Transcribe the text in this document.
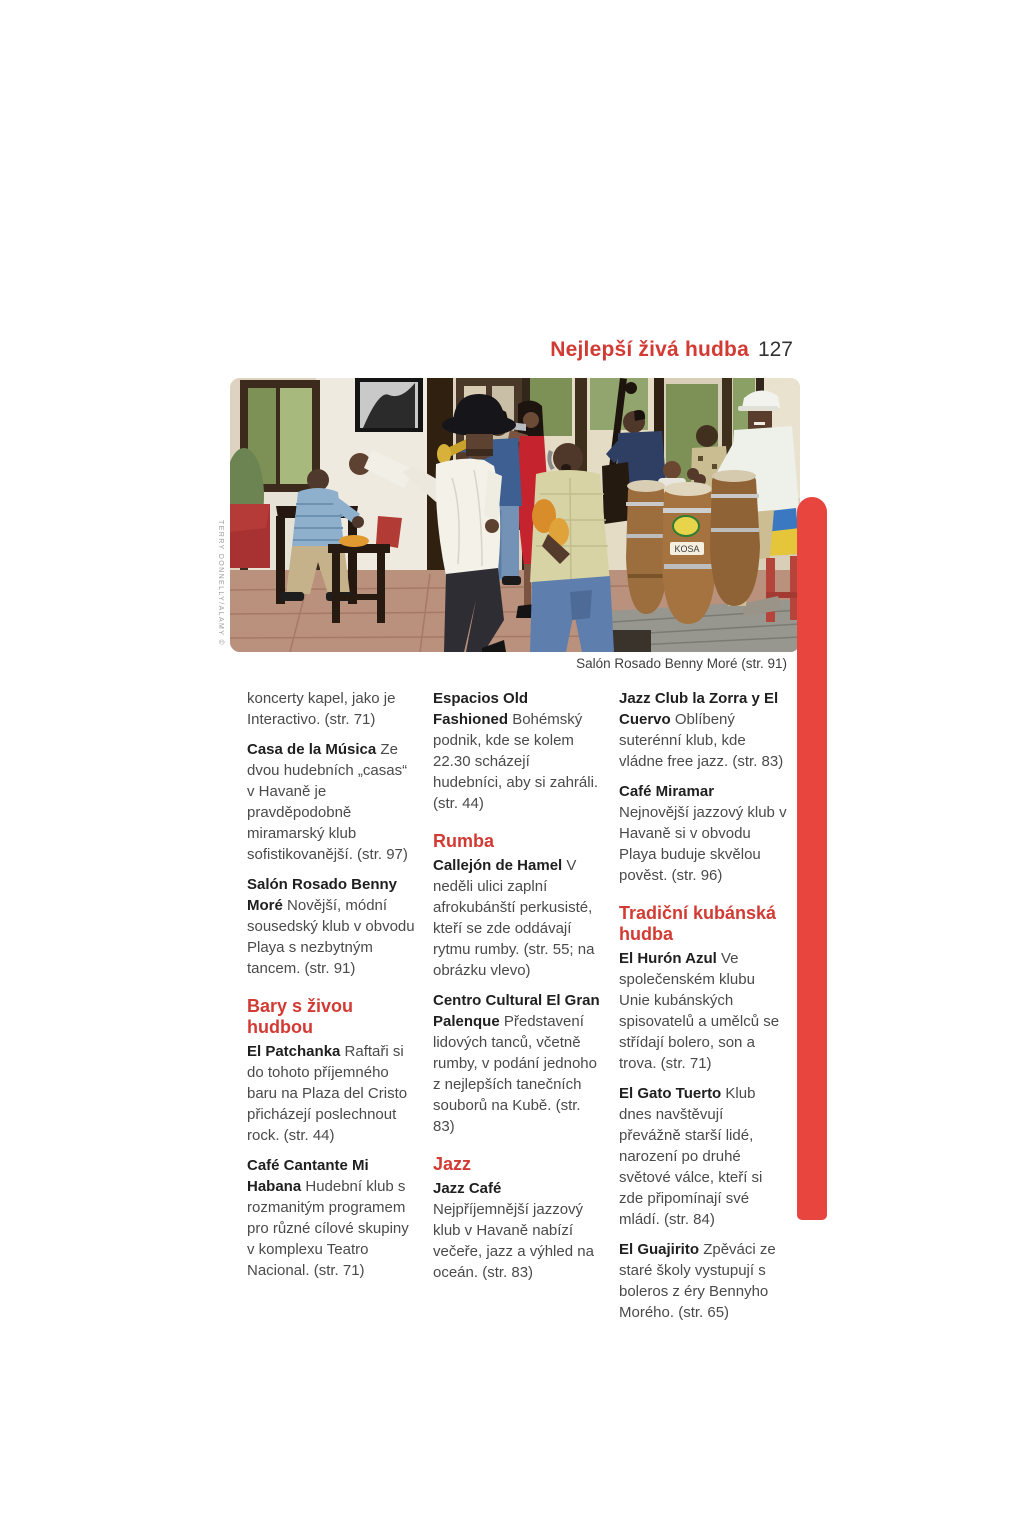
Nejlepší živá hudba 127
TERRY DONNELLY/ALAMY ©	KOSA
Salón Rosado Benny Moré (str. 91)

koncerty kapel, jako je Interactivo. (str. 71)

Casa de la Música Ze dvou hudebních „casas“ v Havaně je pravděpodobně miramarský klub sofistikovanější. (str. 97)

Salón Rosado Benny Moré Novější, módní sousedský klub v obvodu Playa s nezbytným tancem. (str. 91)

Bary s živou hudbou

El Patchanka Raftaři si do tohoto příjemného baru na Plaza del Cristo přicházejí poslechnout rock. (str. 44)

Café Cantante Mi Habana Hudební klub s rozmanitým programem pro různé cílové skupiny v komplexu Teatro Nacional. (str. 71)

Espacios Old Fashioned Bohémský podnik, kde se kolem 22.30 scházejí hudebníci, aby si zahráli. (str. 44)

Rumba

Callejón de Hamel V neděli ulici zaplní afrokubánští perkusisté, kteří se zde oddávají rytmu rumby. (str. 55; na obrázku vlevo)

Centro Cultural El Gran Palenque Představení lidových tanců, včetně rumby, v podání jednoho z nejlepších tanečních souborů na Kubě. (str. 83)

Jazz

Jazz Café Nejpříjemnější jazzový klub v Havaně nabízí večeře, jazz a výhled na oceán. (str. 83)

Jazz Club la Zorra y El Cuervo Oblíbený suterénní klub, kde vládne free jazz. (str. 83)

Café Miramar Nejnovější jazzový klub v Havaně si v obvodu Playa buduje skvělou pověst. (str. 96)

Tradiční kubánská hudba

El Hurón Azul Ve společenském klubu Unie kubánských spisovatelů a umělců se střídají bolero, son a trova. (str. 71)

El Gato Tuerto Klub dnes navštěvují převážně starší lidé, narození po druhé světové válce, kteří si zde připomínají své mládí. (str. 84)

El Guajirito Zpěváci ze staré školy vystupují s boleros z éry Bennyho Morého. (str. 65)
